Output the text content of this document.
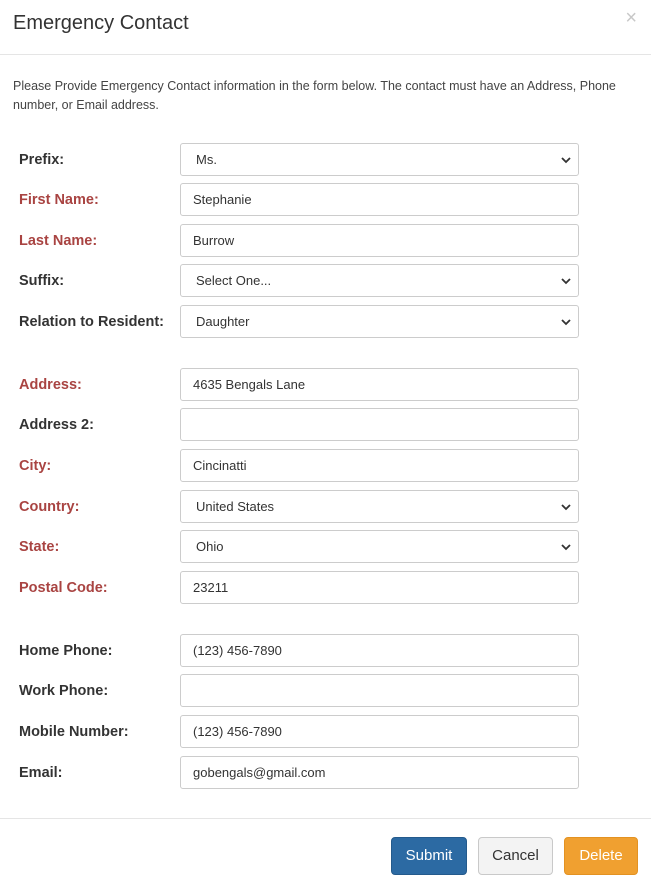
Emergency Contact	×
Please Provide Emergency Contact information in the form below. The contact must have an Address, Phone number, or Email address.
Prefix:	Ms.
First Name:	Stephanie
Last Name:	Burrow
Suffix:	Select One...
Relation to Resident:	Daughter
Address:	4635 Bengals Lane
Address 2:
City:	Cincinatti
Country:	United States
State:	Ohio
Postal Code:	23211
Home Phone:	(123) 456-7890
Work Phone:
Mobile Number:	(123) 456-7890
Email:	gobengals@gmail.com
Submit	Cancel	Delete
